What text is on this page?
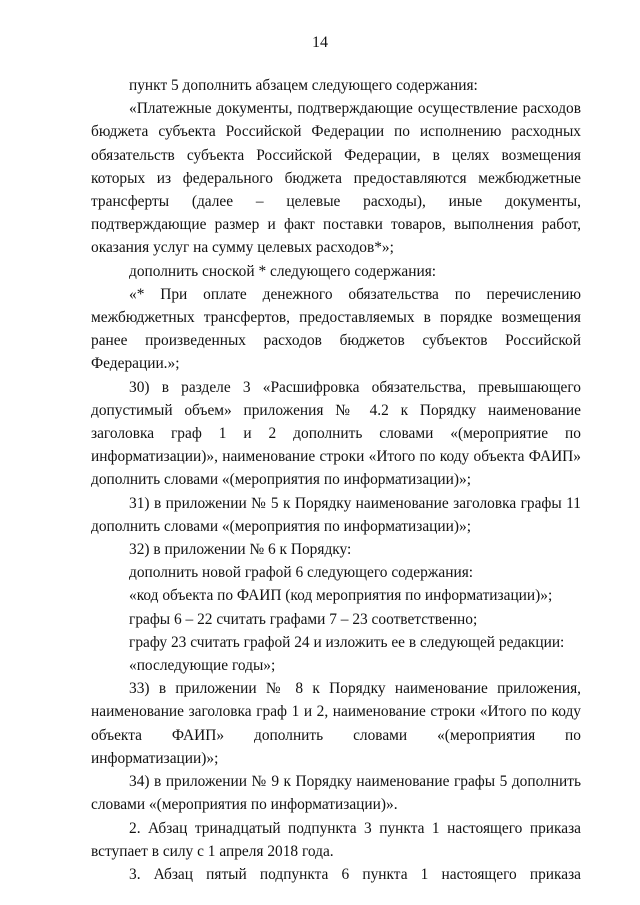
14

пункт 5 дополнить абзацем следующего содержания:

«Платежные документы, подтверждающие осуществление расходов бюджета субъекта Российской Федерации по исполнению расходных обязательств субъекта Российской Федерации, в целях возмещения которых из федерального бюджета предоставляются межбюджетные трансферты (далее – целевые расходы), иные документы, подтверждающие размер и факт поставки товаров, выполнения работ, оказания услуг на сумму целевых расходов*»;

дополнить сноской * следующего содержания:

«* При оплате денежного обязательства по перечислению межбюджетных трансфертов, предоставляемых в порядке возмещения ранее произведенных расходов бюджетов субъектов Российской Федерации.»;

30) в разделе 3 «Расшифровка обязательства, превышающего допустимый объем» приложения № 4.2 к Порядку наименование заголовка граф 1 и 2 дополнить словами «(мероприятие по информатизации)», наименование строки «Итого по коду объекта ФАИП» дополнить словами «(мероприятия по информатизации)»;

31) в приложении № 5 к Порядку наименование заголовка графы 11 дополнить словами «(мероприятия по информатизации)»;

32) в приложении № 6 к Порядку:

дополнить новой графой 6 следующего содержания:

«код объекта по ФАИП (код мероприятия по информатизации)»;

графы 6 – 22 считать графами 7 – 23 соответственно;

графу 23 считать графой 24 и изложить ее в следующей редакции:

«последующие годы»;

33) в приложении № 8 к Порядку наименование приложения, наименование заголовка граф 1 и 2, наименование строки «Итого по коду объекта ФАИП» дополнить словами «(мероприятия по информатизации)»;

34) в приложении № 9 к Порядку наименование графы 5 дополнить словами «(мероприятия по информатизации)».

2. Абзац тринадцатый подпункта 3 пункта 1 настоящего приказа вступает в силу с 1 апреля 2018 года.

3. Абзац пятый подпункта 6 пункта 1 настоящего приказа
